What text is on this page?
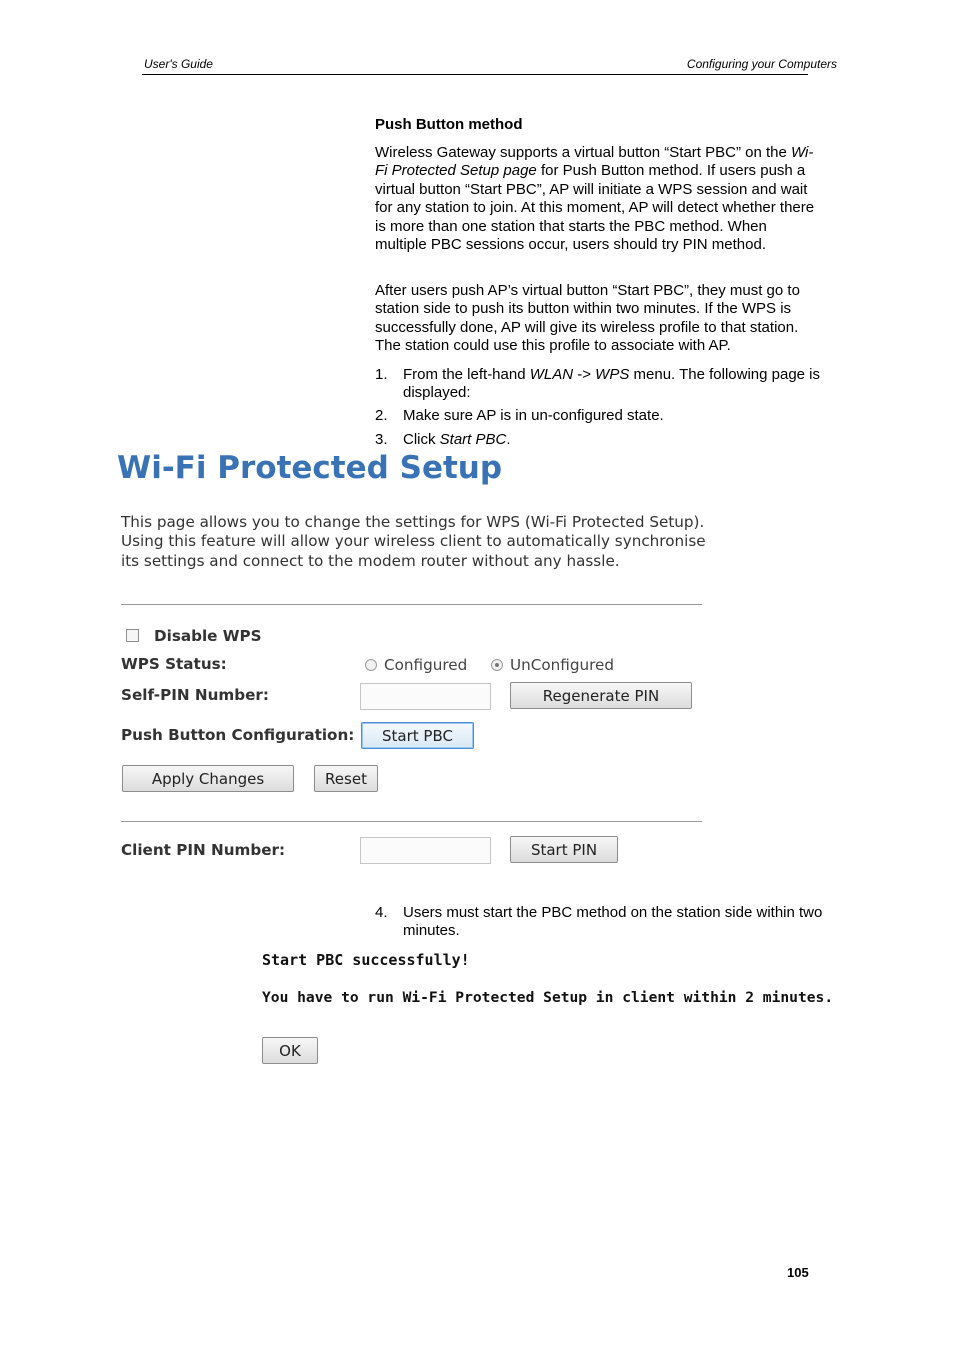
User's Guide	Configuring your Computers
Push Button method

Wireless Gateway supports a virtual button “Start PBC” on the Wi-Fi Protected Setup page for Push Button method. If users push a virtual button “Start PBC”, AP will initiate a WPS session and wait for any station to join. At this moment, AP will detect whether there is more than one station that starts the PBC method. When multiple PBC sessions occur, users should try PIN method.

After users push AP’s virtual button “Start PBC”, they must go to station side to push its button within two minutes. If the WPS is successfully done, AP will give its wireless profile to that station. The station could use this profile to associate with AP.
1. From the left-hand WLAN -> WPS menu. The following page is displayed:
2. Make sure AP is in un-configured state.
3. Click Start PBC.
Wi-Fi Protected Setup
This page allows you to change the settings for WPS (Wi-Fi Protected Setup). Using this feature will allow your wireless client to automatically synchronise its settings and connect to the modem router without any hassle.
Disable WPS
WPS Status:	Configured	UnConfigured
Self-PIN Number:	Regenerate PIN
Push Button Configuration:	Start PBC
Apply Changes	Reset
Client PIN Number:	Start PIN
4. Users must start the PBC method on the station side within two minutes.
Start PBC successfully!
You have to run Wi-Fi Protected Setup in client within 2 minutes.
OK
105
